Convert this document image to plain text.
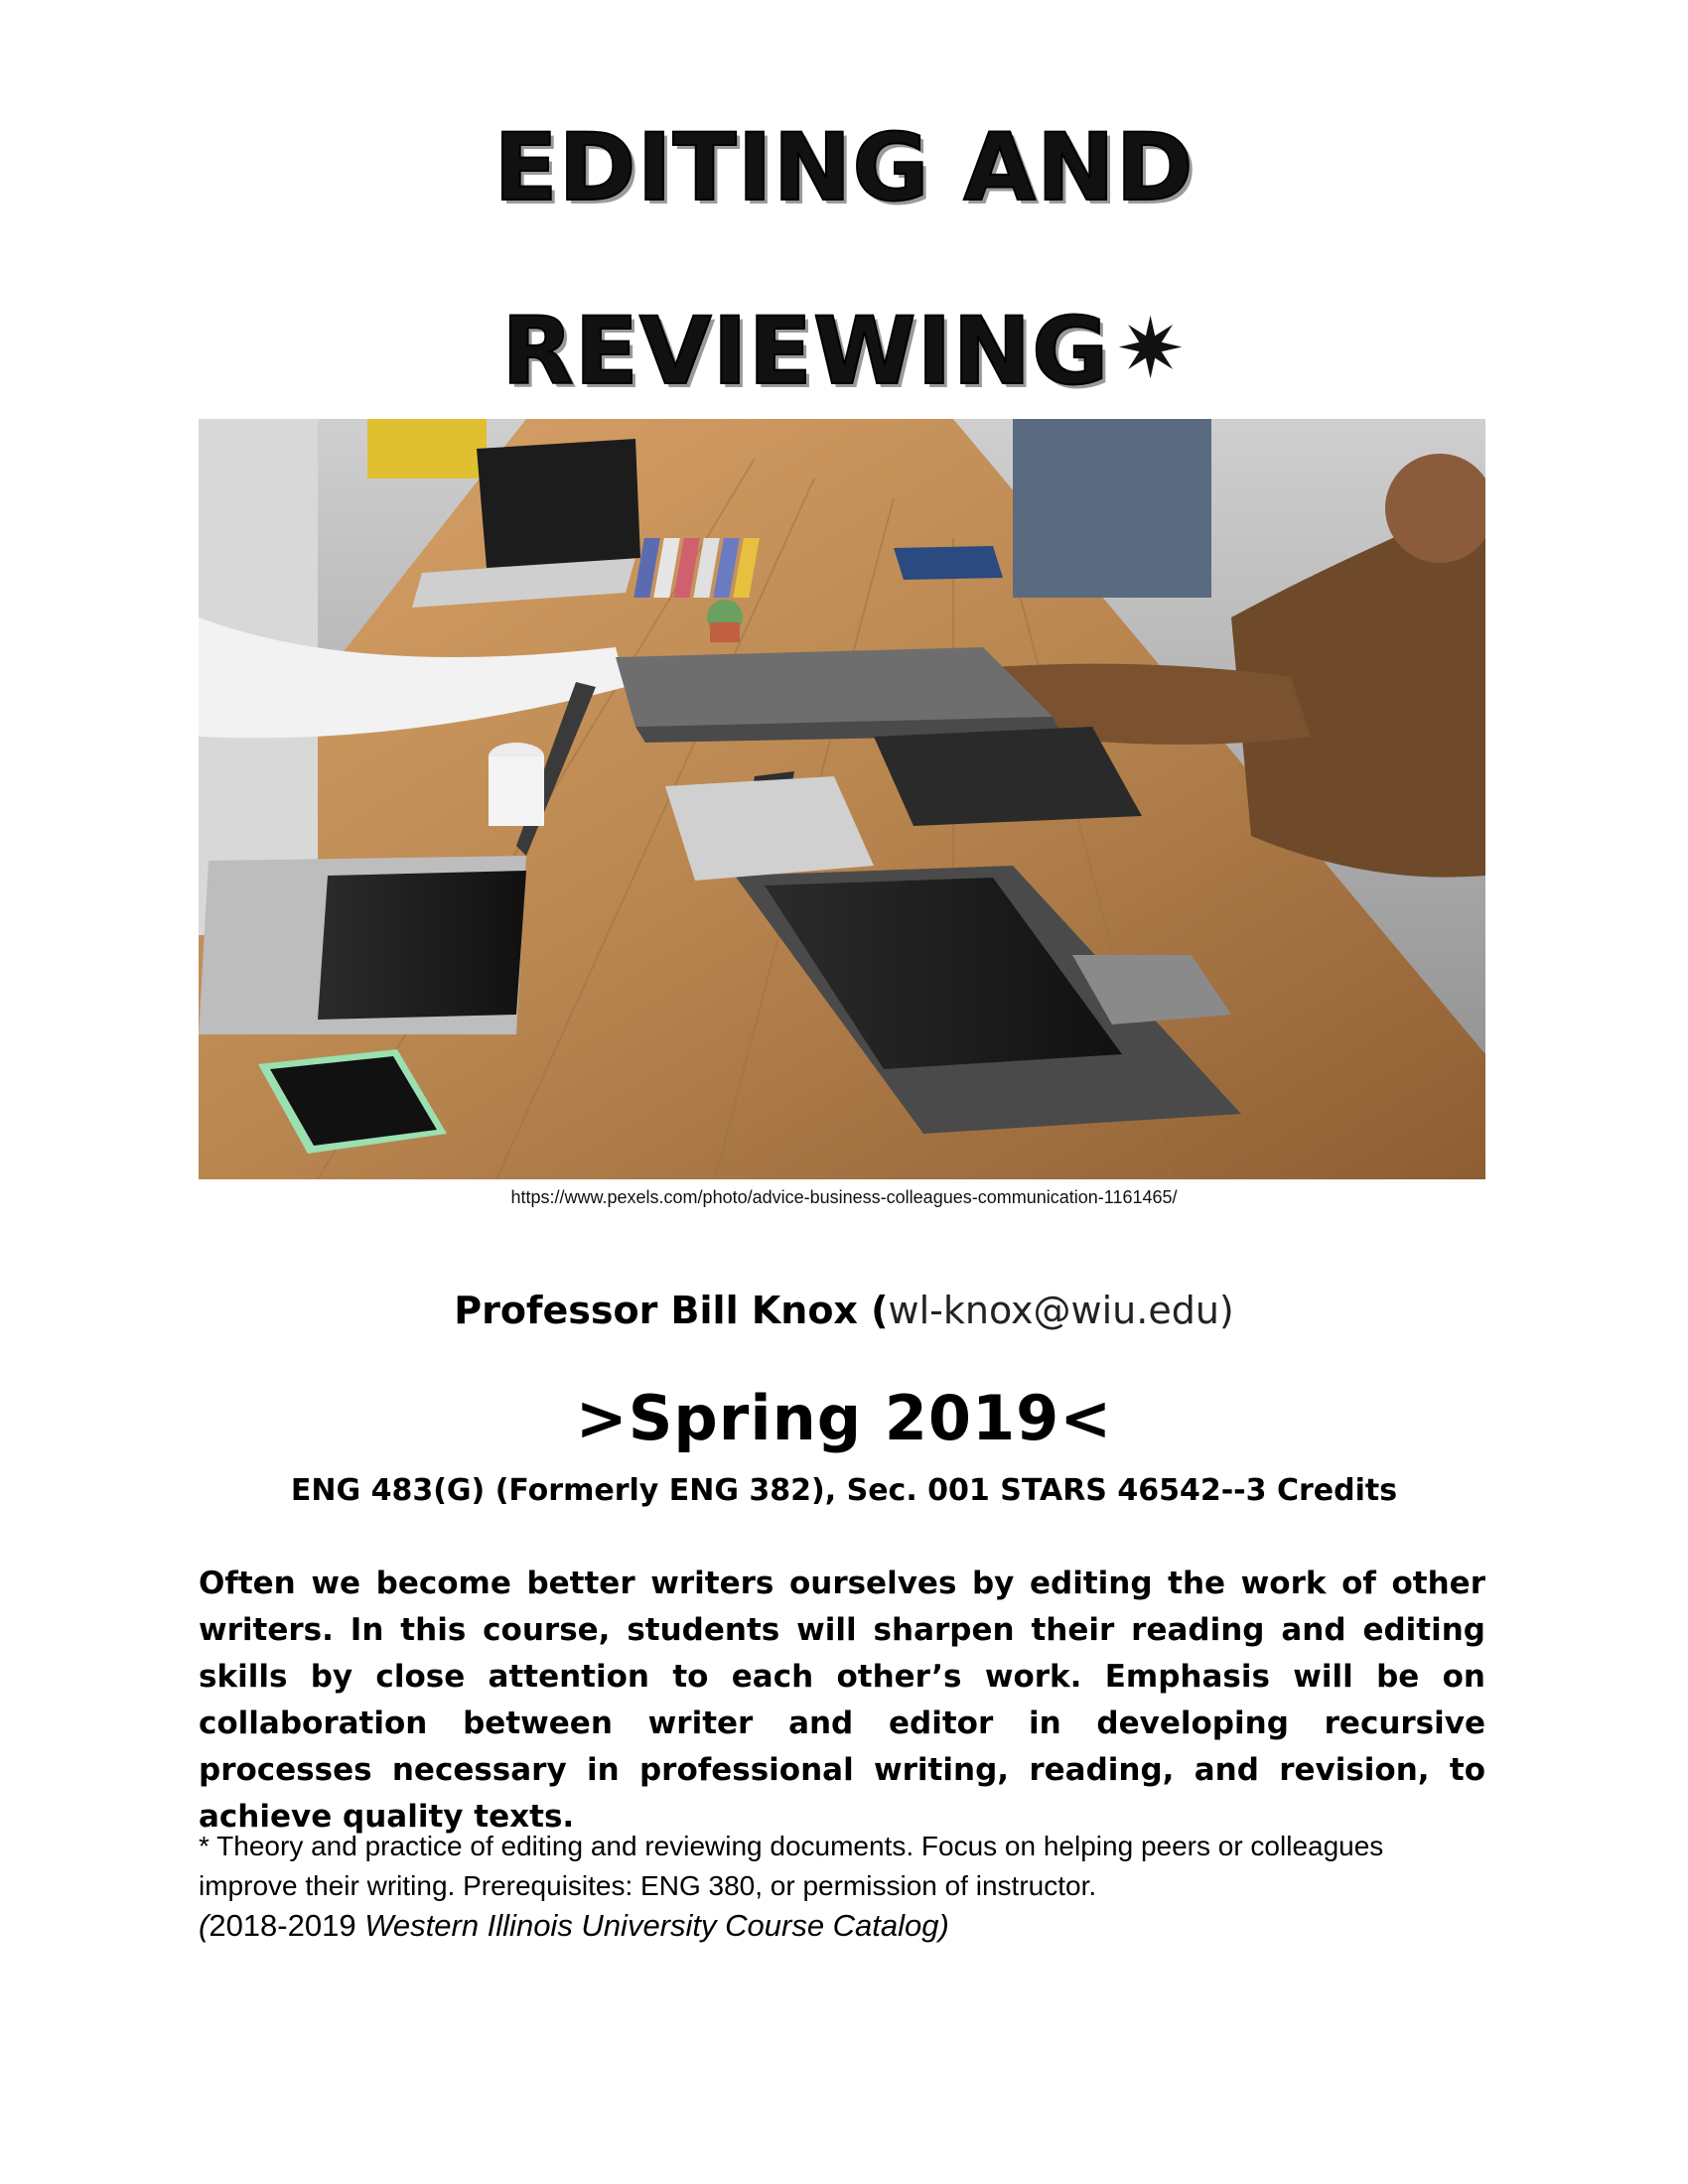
EDITING AND
REVIEWING✷
https://www.pexels.com/photo/advice-business-colleagues-communication-1161465/
Professor Bill Knox (wl-knox@wiu.edu)
>Spring 2019<
ENG 483(G) (Formerly ENG 382), Sec. 001 STARS 46542--3 Credits

Often we become better writers ourselves by editing the work of other writers. In this course, students will sharpen their reading and editing skills by close attention to each other’s work. Emphasis will be on collaboration between writer and editor in developing recursive processes necessary in professional writing, reading, and revision, to achieve quality texts.

* Theory and practice of editing and reviewing documents. Focus on helping peers or colleagues improve their writing. Prerequisites: ENG 380, or permission of instructor.
(2018-2019 Western Illinois University Course Catalog)
